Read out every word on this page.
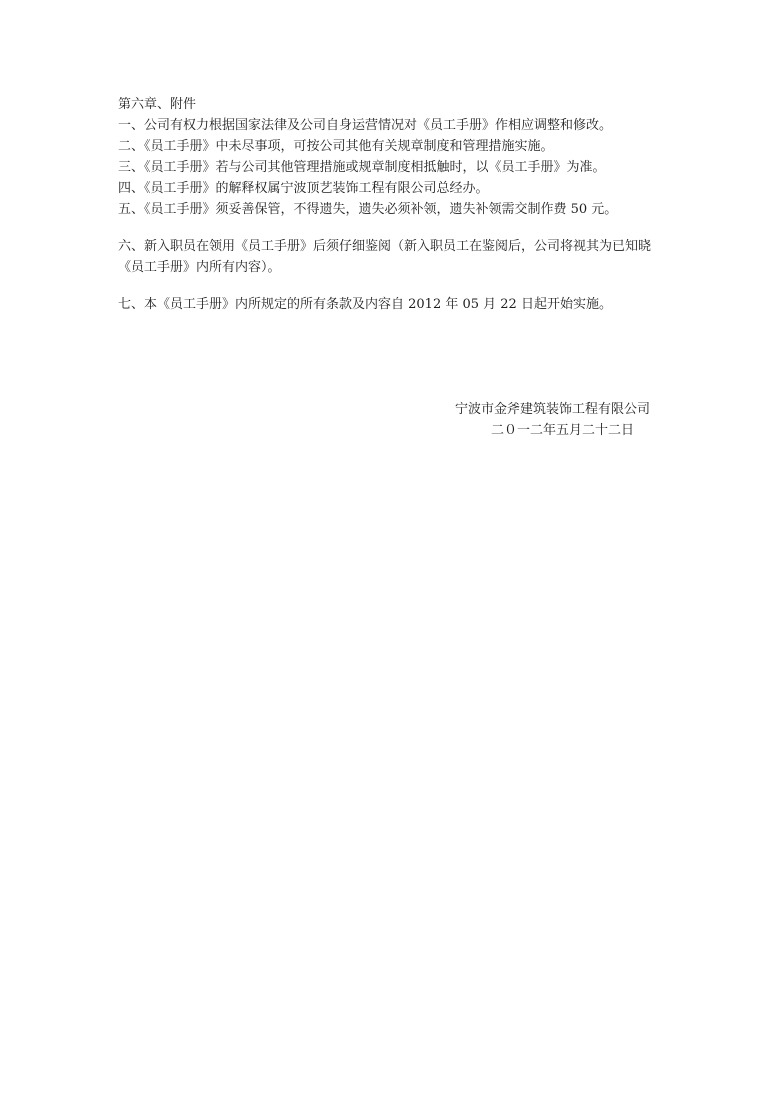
第六章、附件
一、公司有权力根据国家法律及公司自身运营情况对《员工手册》作相应调整和修改。
二、《员工手册》中未尽事项，可按公司其他有关规章制度和管理措施实施。
三、《员工手册》若与公司其他管理措施或规章制度相抵触时，以《员工手册》为准。
四、《员工手册》的解释权属宁波顶艺装饰工程有限公司总经办。
五、《员工手册》须妥善保管，不得遗失，遗失必须补领，遗失补领需交制作费 50 元。

六、新入职员在领用《员工手册》后须仔细鉴阅（新入职员工在鉴阅后，公司将视其为已知晓《员工手册》内所有内容）。

七、本《员工手册》内所规定的所有条款及内容自 2012 年 05 月 22 日起开始实施。
宁波市金斧建筑装饰工程有限公司
二０一二年五月二十二日
